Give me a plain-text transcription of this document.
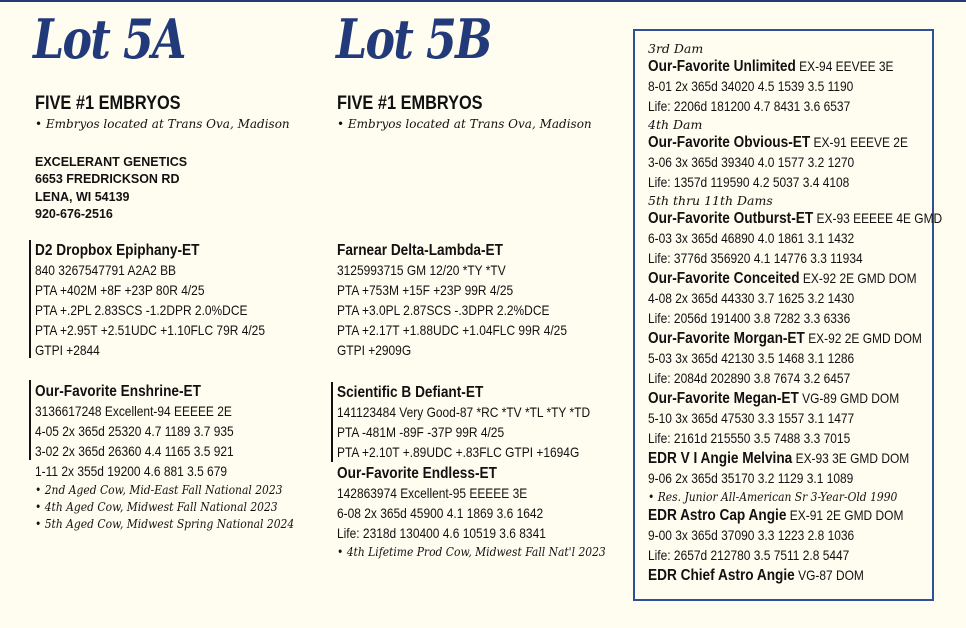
Lot 5A
FIVE #1 EMBRYOS
• Embryos located at Trans Ova, Madison
EXCELERANT GENETICS
6653 FREDRICKSON RD
LENA, WI 54139
920-676-2516
D2 Dropbox Epiphany-ET
840 3267547791 A2A2 BB
PTA +402M +8F +23P 80R 4/25
PTA +.2PL 2.83SCS -1.2DPR 2.0%DCE
PTA +2.95T +2.51UDC +1.10FLC 79R 4/25
GTPI +2844
Our-Favorite Enshrine-ET
3136617248 Excellent-94 EEEEE 2E
4-05 2x 365d 25320 4.7 1189 3.7 935
3-02 2x 365d 26360 4.4 1165 3.5 921
1-11 2x 355d 19200 4.6 881 3.5 679
• 2nd Aged Cow, Mid-East Fall National 2023
• 4th Aged Cow, Midwest Fall National 2023
• 5th Aged Cow, Midwest Spring National 2024
Lot 5B
FIVE #1 EMBRYOS
• Embryos located at Trans Ova, Madison
Farnear Delta-Lambda-ET
3125993715 GM 12/20 *TY *TV
PTA +753M +15F +23P 99R 4/25
PTA +3.0PL 2.87SCS -.3DPR 2.2%DCE
PTA +2.17T +1.88UDC +1.04FLC 99R 4/25
GTPI +2909G
Scientific B Defiant-ET
141123484 Very Good-87 *RC *TV *TL *TY *TD
PTA -481M -89F -37P 99R 4/25
PTA +2.10T +.89UDC +.83FLC GTPI +1694G
Our-Favorite Endless-ET
142863974 Excellent-95 EEEEE 3E
6-08 2x 365d 45900 4.1 1869 3.6 1642
Life: 2318d 130400 4.6 10519 3.6 8341
• 4th Lifetime Prod Cow, Midwest Fall Nat'l 2023
3rd Dam
Our-Favorite Unlimited EX-94 EEVEE 3E
8-01 2x 365d 34020 4.5 1539 3.5 1190
Life: 2206d 181200 4.7 8431 3.6 6537
4th Dam
Our-Favorite Obvious-ET EX-91 EEEVE 2E
3-06 3x 365d 39340 4.0 1577 3.2 1270
Life: 1357d 119590 4.2 5037 3.4 4108
5th thru 11th Dams
Our-Favorite Outburst-ET EX-93 EEEEE 4E GMD
6-03 3x 365d 46890 4.0 1861 3.1 1432
Life: 3776d 356920 4.1 14776 3.3 11934
Our-Favorite Conceited EX-92 2E GMD DOM
4-08 2x 365d 44330 3.7 1625 3.2 1430
Life: 2056d 191400 3.8 7282 3.3 6336
Our-Favorite Morgan-ET EX-92 2E GMD DOM
5-03 3x 365d 42130 3.5 1468 3.1 1286
Life: 2084d 202890 3.8 7674 3.2 6457
Our-Favorite Megan-ET VG-89 GMD DOM
5-10 3x 365d 47530 3.3 1557 3.1 1477
Life: 2161d 215550 3.5 7488 3.3 7015
EDR V I Angie Melvina EX-93 3E GMD DOM
9-06 2x 365d 35170 3.2 1129 3.1 1089
• Res. Junior All-American Sr 3-Year-Old 1990
EDR Astro Cap Angie EX-91 2E GMD DOM
9-00 3x 365d 37090 3.3 1223 2.8 1036
Life: 2657d 212780 3.5 7511 2.8 5447
EDR Chief Astro Angie VG-87 DOM
